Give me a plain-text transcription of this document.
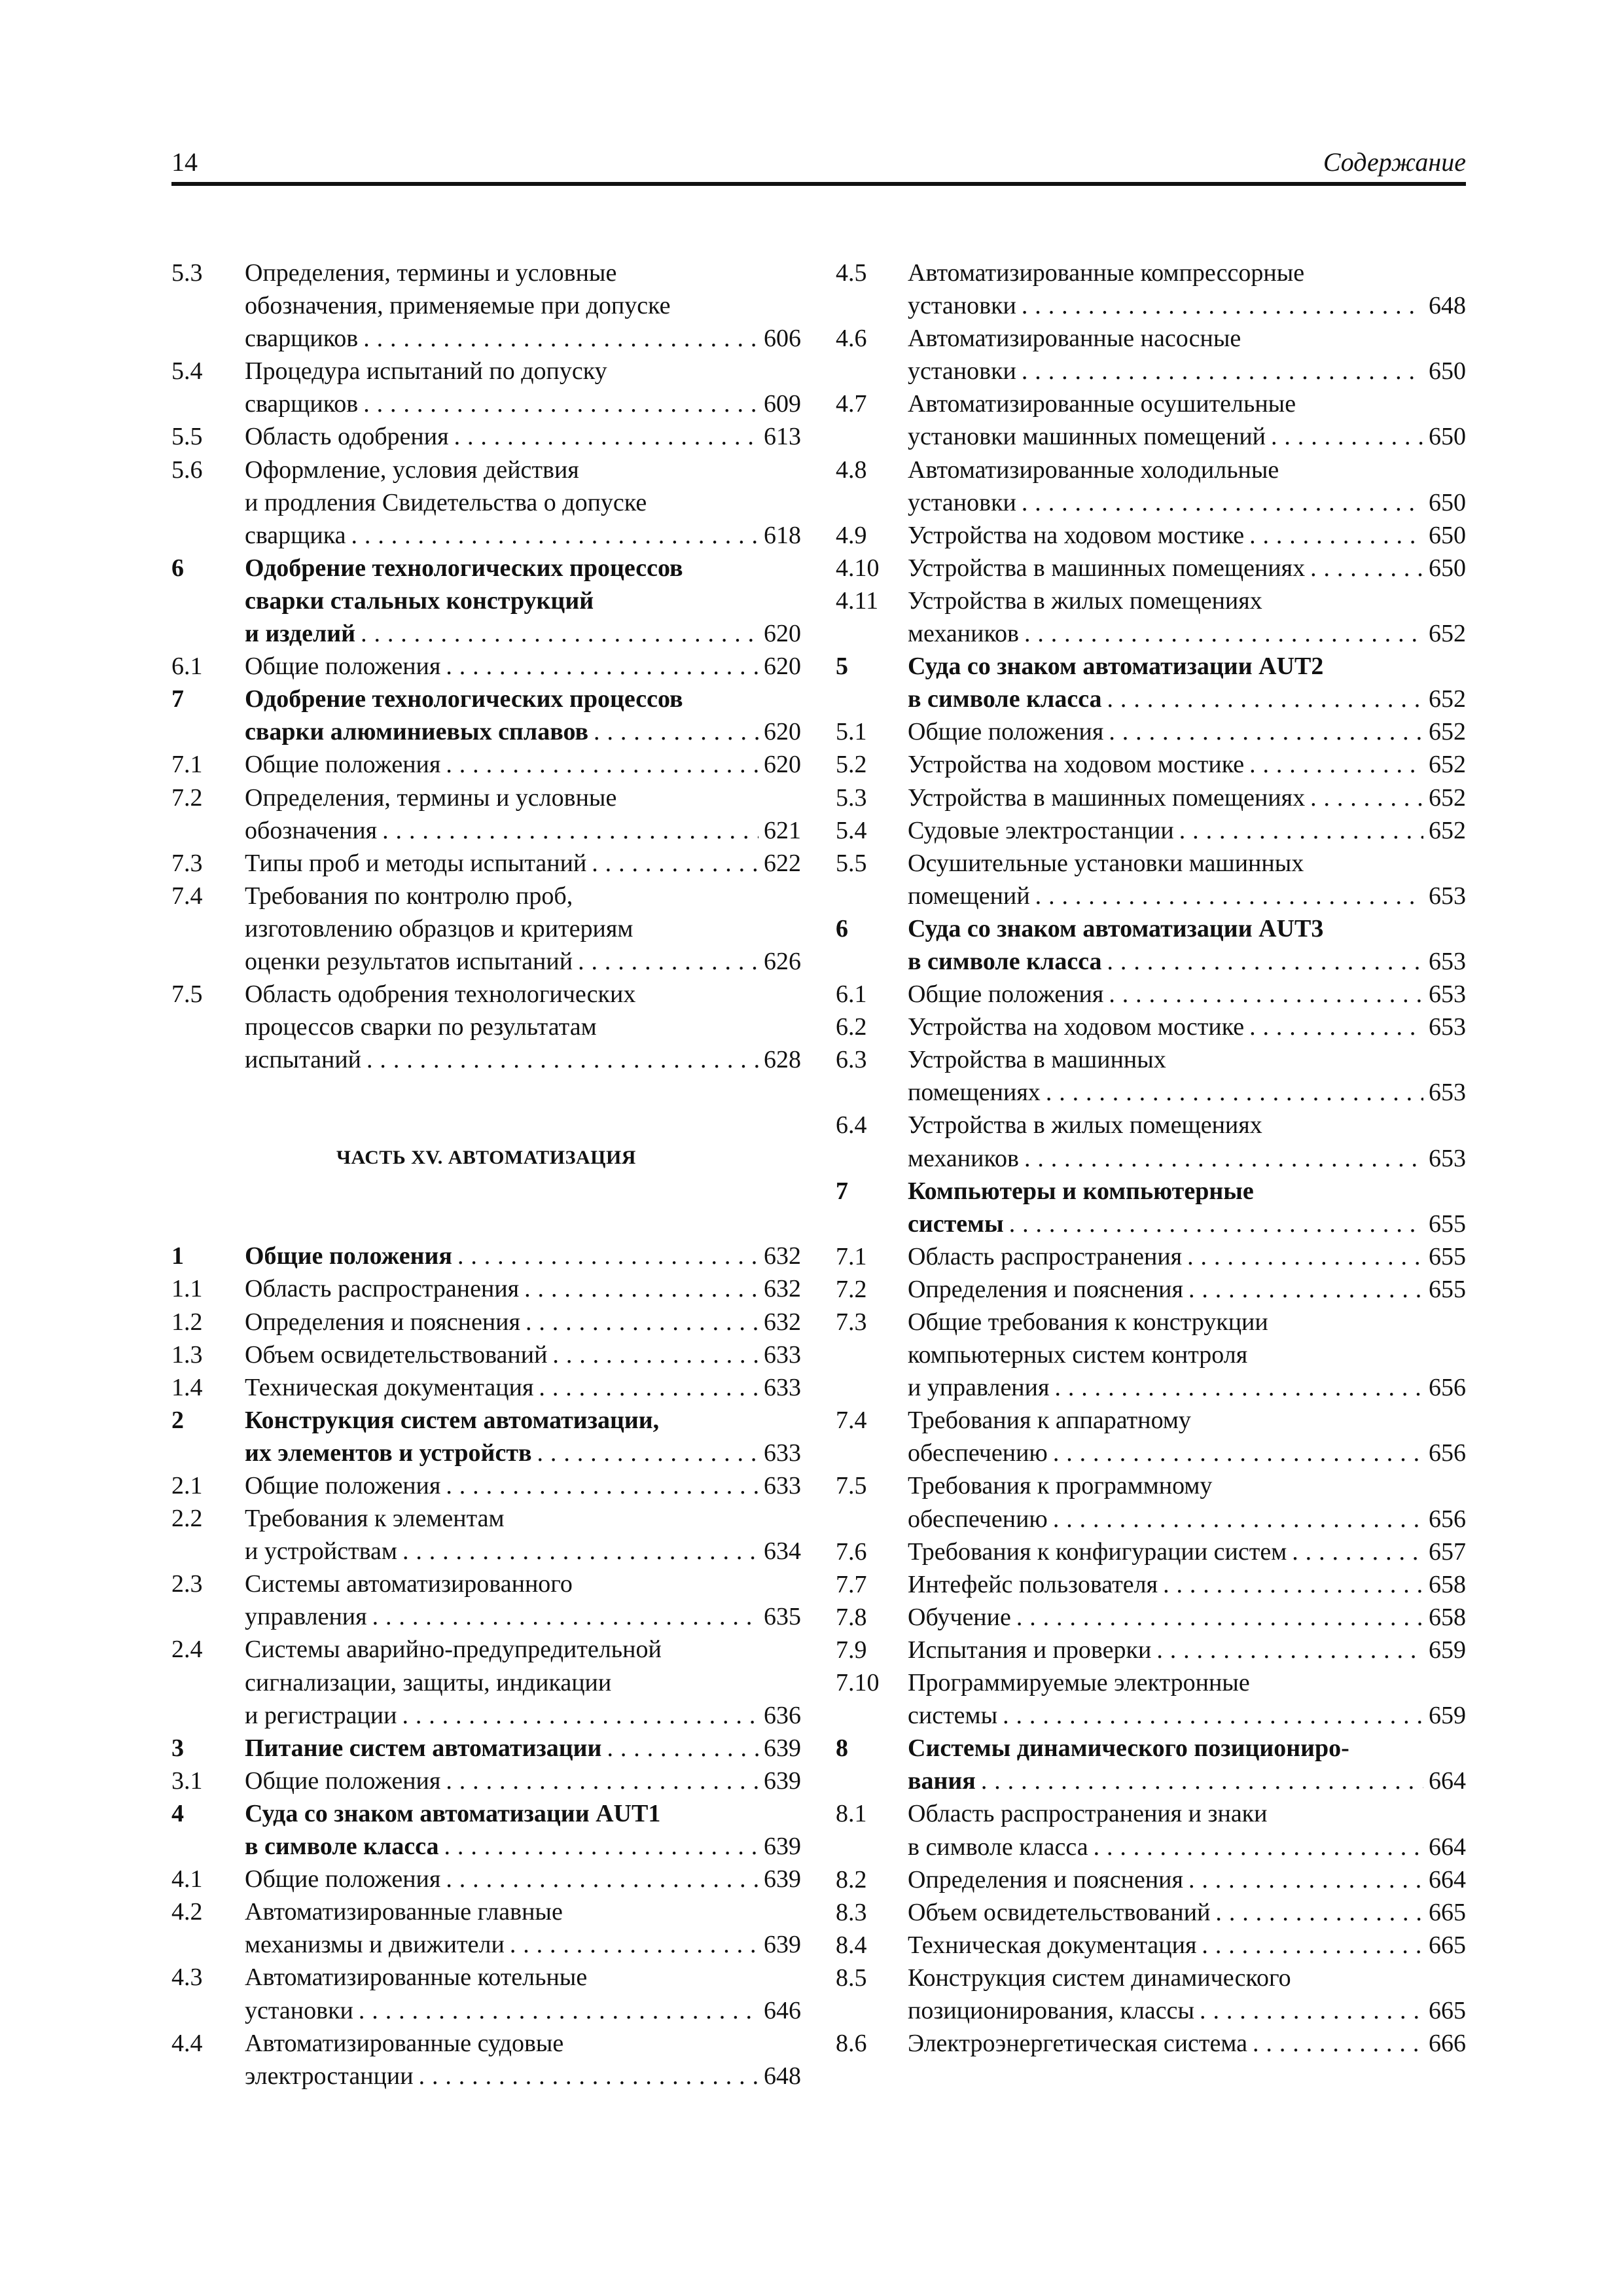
14	Содержание
5.3	Определения, термины и условные
обозначения, применяемые при допуске
сварщиков .....	606
5.4	Процедура испытаний по допуску
сварщиков .....	609
5.5	Область одобрения .....	613
5.6	Оформление, условия действия
и продления Свидетельства о допуске
сварщика .....	618
6	Одобрение технологических процессов
сварки стальных конструкций
и изделий .....	620
6.1	Общие положения .....	620
7	Одобрение технологических процессов
сварки алюминиевых сплавов .....	620
7.1	Общие положения .....	620
7.2	Определения, термины и условные
обозначения .....	621
7.3	Типы проб и методы испытаний .....	622
7.4	Требования по контролю проб,
изготовлению образцов и критериям
оценки результатов испытаний .....	626
7.5	Область одобрения технологических
процессов сварки по результатам
испытаний .....	628
ЧАСТЬ XV. АВТОМАТИЗАЦИЯ
1	Общие положения .....	632
1.1	Область распространения .....	632
1.2	Определения и пояснения .....	632
1.3	Объем освидетельствований .....	633
1.4	Техническая документация .....	633
2	Конструкция систем автоматизации,
их элементов и устройств .....	633
2.1	Общие положения .....	633
2.2	Требования к элементам
и устройствам .....	634
2.3	Системы автоматизированного
управления .....	635
2.4	Системы аварийно-предупредительной
сигнализации, защиты, индикации
и регистрации .....	636
3	Питание систем автоматизации .....	639
3.1	Общие положения .....	639
4	Суда со знаком автоматизации AUT1
в символе класса .....	639
4.1	Общие положения .....	639
4.2	Автоматизированные главные
механизмы и движители .....	639
4.3	Автоматизированные котельные
установки .....	646
4.4	Автоматизированные судовые
электростанции .....	648
4.5	Автоматизированные компрессорные
установки .....	648
4.6	Автоматизированные насосные
установки .....	650
4.7	Автоматизированные осушительные
установки машинных помещений .....	650
4.8	Автоматизированные холодильные
установки .....	650
4.9	Устройства на ходовом мостике .....	650
4.10	Устройства в машинных помещениях .....	650
4.11	Устройства в жилых помещениях
механиков .....	652
5	Суда со знаком автоматизации AUT2
в символе класса .....	652
5.1	Общие положения .....	652
5.2	Устройства на ходовом мостике .....	652
5.3	Устройства в машинных помещениях .....	652
5.4	Судовые электростанции .....	652
5.5	Осушительные установки машинных
помещений .....	653
6	Суда со знаком автоматизации AUT3
в символе класса .....	653
6.1	Общие положения .....	653
6.2	Устройства на ходовом мостике .....	653
6.3	Устройства в машинных
помещениях .....	653
6.4	Устройства в жилых помещениях
механиков .....	653
7	Компьютеры и компьютерные
системы .....	655
7.1	Область распространения .....	655
7.2	Определения и пояснения .....	655
7.3	Общие требования к конструкции
компьютерных систем контроля
и управления .....	656
7.4	Требования к аппаратному
обеспечению .....	656
7.5	Требования к программному
обеспечению .....	656
7.6	Требования к конфигурации систем .....	657
7.7	Интефейс пользователя .....	658
7.8	Обучение .....	658
7.9	Испытания и проверки .....	659
7.10	Программируемые электронные
системы .....	659
8	Системы динамического позициониро-
вания .....	664
8.1	Область распространения и знаки
в символе класса .....	664
8.2	Определения и пояснения .....	664
8.3	Объем освидетельствований .....	665
8.4	Техническая документация .....	665
8.5	Конструкция систем динамического
позиционирования, классы .....	665
8.6	Электроэнергетическая система .....	666
